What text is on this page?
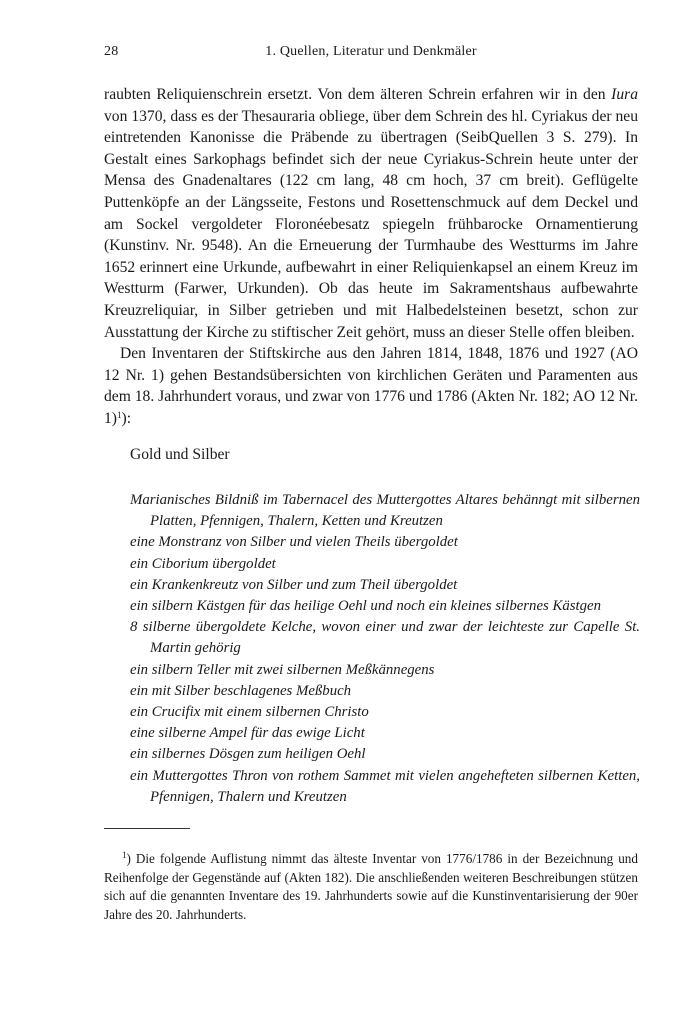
28	1. Quellen, Literatur und Denkmäler

raubten Reliquienschrein ersetzt. Von dem älteren Schrein erfahren wir in den Iura von 1370, dass es der Thesauraria obliege, über dem Schrein des hl. Cyriakus der neu eintretenden Kanonisse die Präbende zu übertragen (SeibQuellen 3 S. 279). In Gestalt eines Sarkophags befindet sich der neue Cyriakus-Schrein heute unter der Mensa des Gnadenaltares (122 cm lang, 48 cm hoch, 37 cm breit). Geflügelte Puttenköpfe an der Längsseite, Festons und Rosettenschmuck auf dem Deckel und am Sockel vergoldeter Floronéebesatz spiegeln frühbarocke Ornamentierung (Kunstinv. Nr. 9548). An die Erneuerung der Turmhaube des Westturms im Jahre 1652 erinnert eine Urkunde, aufbewahrt in einer Reliquienkapsel an einem Kreuz im Westturm (Farwer, Urkunden). Ob das heute im Sakramentshaus aufbewahrte Kreuzreliquiar, in Silber getrieben und mit Halbedelsteinen besetzt, schon zur Ausstattung der Kirche zu stiftischer Zeit gehört, muss an dieser Stelle offen bleiben.

Den Inventaren der Stiftskirche aus den Jahren 1814, 1848, 1876 und 1927 (AO 12 Nr. 1) gehen Bestandsübersichten von kirchlichen Geräten und Paramenten aus dem 18. Jahrhundert voraus, und zwar von 1776 und 1786 (Akten Nr. 182; AO 12 Nr. 1)$^1$):

Gold und Silber
Marianisches Bildniß im Tabernacel des Muttergottes Altares behänngt mit silbernen Platten, Pfennigen, Thalern, Ketten und Kreutzen
eine Monstranz von Silber und vielen Theils übergoldet
ein Ciborium übergoldet
ein Krankenkreutz von Silber und zum Theil übergoldet
ein silbern Kästgen für das heilige Oehl und noch ein kleines silbernes Kästgen
8 silberne übergoldete Kelche, wovon einer und zwar der leichteste zur Capelle St. Martin gehörig
ein silbern Teller mit zwei silbernen Meßkännegens
ein mit Silber beschlagenes Meßbuch
ein Crucifix mit einem silbernen Christo
eine silberne Ampel für das ewige Licht
ein silbernes Dösgen zum heiligen Oehl
ein Muttergottes Thron von rothem Sammet mit vielen angehefteten silbernen Ketten, Pfennigen, Thalern und Kreutzen
$^1$) Die folgende Auflistung nimmt das älteste Inventar von 1776/1786 in der Bezeichnung und Reihenfolge der Gegenstände auf (Akten 182). Die anschließenden weiteren Beschreibungen stützen sich auf die genannten Inventare des 19. Jahrhunderts sowie auf die Kunstinventarisierung der 90er Jahre des 20. Jahrhunderts.
